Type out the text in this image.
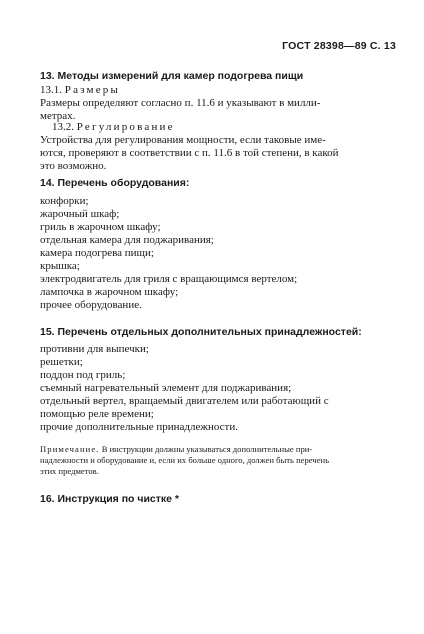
ГОСТ 28398—89 С. 13
13. Методы измерений для камер подогрева пищи
13.1. Размеры
Размеры определяют согласно п. 11.6 и указывают в милли-
метрах.
13.2. Регулирование
Устройства для регулирования мощности, если таковые име-
ются, проверяют в соответствии с п. 11.6 в той степени, в какой
это возможно.
14. Перечень оборудования:
конфорки;
жарочный шкаф;
гриль в жарочном шкафу;
отдельная камера для поджаривания;
камера подогрева пищи;
крышка;
электродвигатель для гриля с вращающимся вертелом;
лампочка в жарочном шкафу;
прочее оборудование.
15. Перечень отдельных дополнительных принадлежностей:
противни для выпечки;
решетки;
поддон под гриль;
съемный нагревательный элемент для поджаривания;
отдельный вертел, вращаемый двигателем или работающий с
помощью реле времени;
прочие дополнительные принадлежности.
Примечание. В инструкции должны указываться дополнительные при-
надлежности и оборудование и, если их больше одного, должен быть перечень
этих предметов.
16. Инструкция по чистке *
